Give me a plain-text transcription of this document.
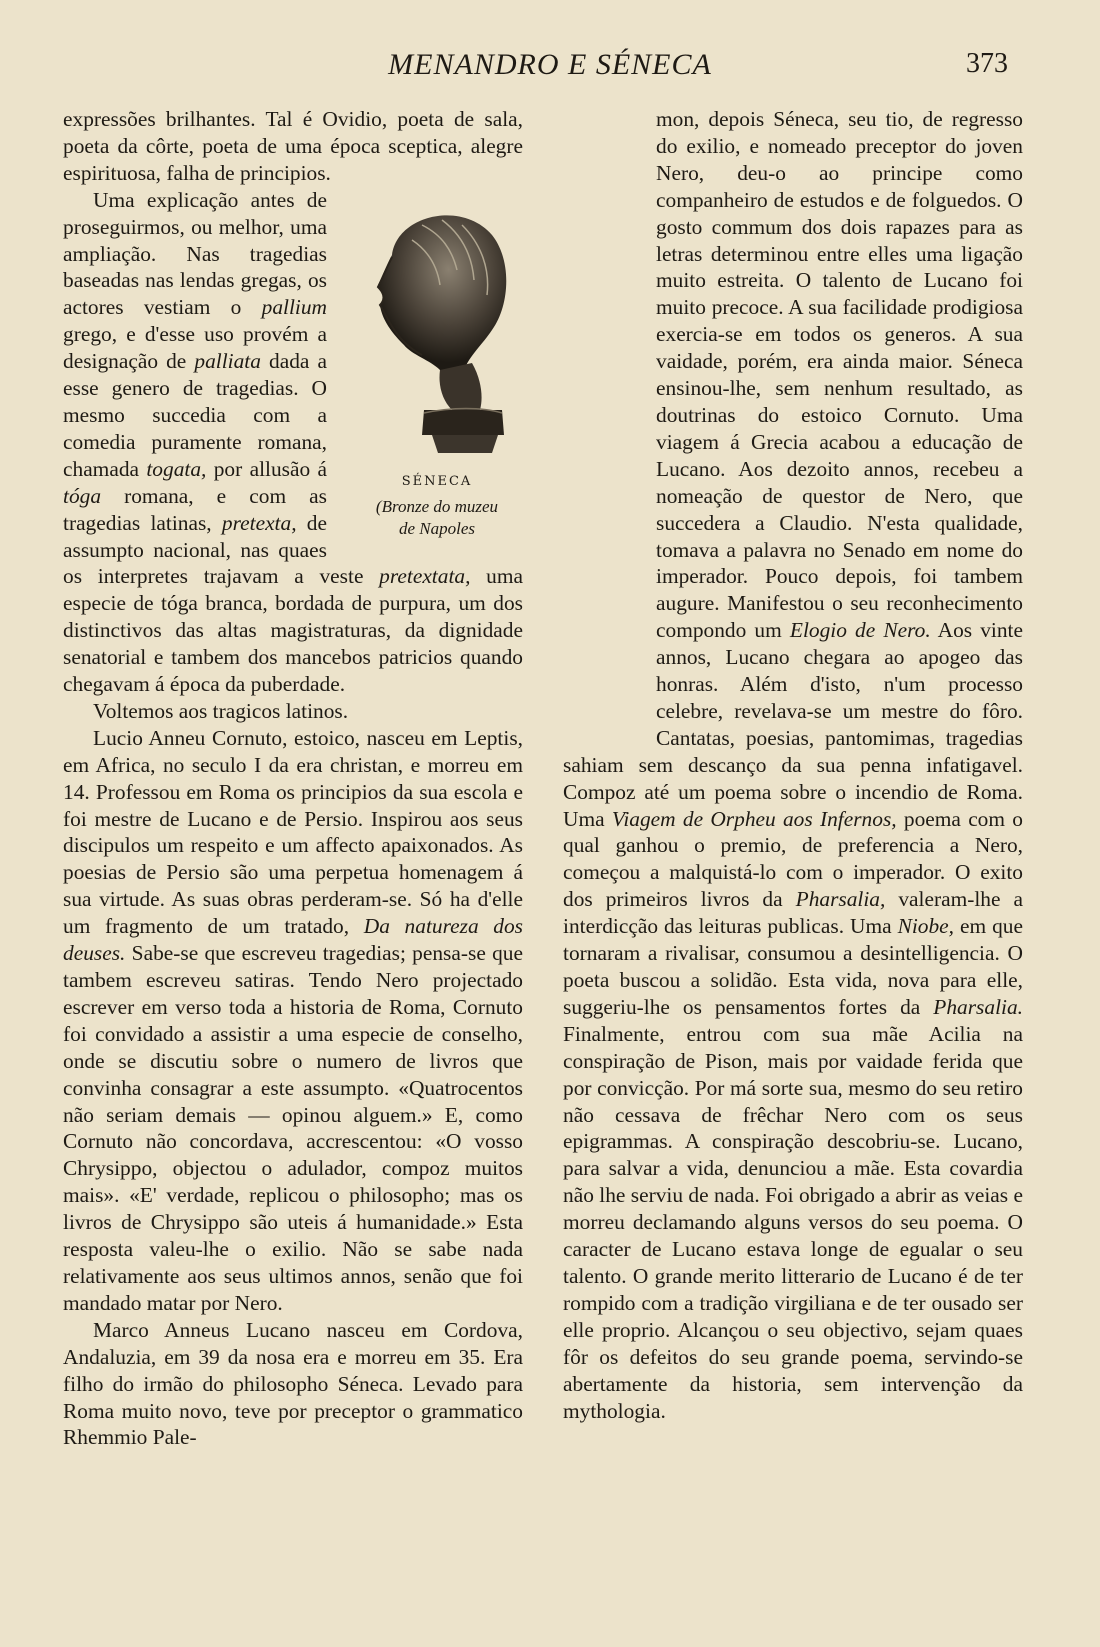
MENANDRO E SÉNECA	373

expressões brilhantes. Tal é Ovidio, poeta de sala, poeta da côrte, poeta de uma época sceptica, alegre espirituosa, falha de principios.

SÉNECA
(Bronze do muzeu
de Napoles

Uma explicação antes de proseguirmos, ou melhor, uma ampliação. Nas tragedias baseadas nas lendas gregas, os actores vestiam o pallium grego, e d'esse uso provém a designação de palliata dada a esse genero de tragedias. O mesmo succedia com a comedia puramente romana, chamada togata, por allusão á tóga romana, e com as tragedias latinas, pretexta, de assumpto nacional, nas quaes os interpretes trajavam a veste pretextata, uma especie de tóga branca, bordada de purpura, um dos distinctivos das altas magistraturas, da dignidade senatorial e tambem dos mancebos patricios quando chegavam á época da puberdade.

Voltemos aos tragicos latinos.

Lucio Anneu Cornuto, estoico, nasceu em Leptis, em Africa, no seculo I da era christan, e morreu em 14. Professou em Roma os principios da sua escola e foi mestre de Lucano e de Persio. Inspirou aos seus discipulos um respeito e um affecto apaixonados. As poesias de Persio são uma perpetua homenagem á sua virtude. As suas obras perderam-se. Só ha d'elle um fragmento de um tratado, Da natureza dos deuses. Sabe-se que escreveu tragedias; pensa-se que tambem escreveu satiras. Tendo Nero projectado escrever em verso toda a historia de Roma, Cornuto foi convidado a assistir a uma especie de conselho, onde se discutiu sobre o numero de livros que convinha consagrar a este assumpto. «Quatrocentos não seriam demais — opinou alguem.» E, como Cornuto não concordava, accrescentou: «O vosso Chrysippo, objectou o adulador, compoz muitos mais». «E' verdade, replicou o philosopho; mas os livros de Chrysippo são uteis á humanidade.» Esta resposta valeu-lhe o exilio. Não se sabe nada relativamente aos seus ultimos annos, senão que foi mandado matar por Nero.

Marco Anneus Lucano nasceu em Cordova, Andaluzia, em 39 da nosa era e morreu em 35. Era filho do irmão do philosopho Séneca. Levado para Roma muito novo, teve por preceptor o grammatico Rhemmio Pale-

mon, depois Séneca, seu tio, de regresso do exilio, e nomeado preceptor do joven Nero, deu-o ao principe como companheiro de estudos e de folguedos. O gosto commum dos dois rapazes para as letras determinou entre elles uma ligação muito estreita. O talento de Lucano foi muito precoce. A sua facilidade prodigiosa exercia-se em todos os generos. A sua vaidade, porém, era ainda maior. Séneca ensinou-lhe, sem nenhum resultado, as doutrinas do estoico Cornuto. Uma viagem á Grecia acabou a educação de Lucano. Aos dezoito annos, recebeu a nomeação de questor de Nero, que succedera a Claudio. N'esta qualidade, tomava a palavra no Senado em nome do imperador. Pouco depois, foi tambem augure. Manifestou o seu reconhecimento compondo um Elogio de Nero. Aos vinte annos, Lucano chegara ao apogeo das honras. Além d'isto, n'um processo celebre, revelava-se um mestre do fôro. Cantatas, poesias, pantomimas, tragedias sahiam sem descanço da sua penna infatigavel. Compoz até um poema sobre o incendio de Roma. Uma Viagem de Orpheu aos Infernos, poema com o qual ganhou o premio, de preferencia a Nero, começou a malquistá-lo com o imperador. O exito dos primeiros livros da Pharsalia, valeram-lhe a interdicção das leituras publicas. Uma Niobe, em que tornaram a rivalisar, consumou a desintelligencia. O poeta buscou a solidão. Esta vida, nova para elle, suggeriu-lhe os pensamentos fortes da Pharsalia. Finalmente, entrou com sua mãe Acilia na conspiração de Pison, mais por vaidade ferida que por convicção. Por má sorte sua, mesmo do seu retiro não cessava de frêchar Nero com os seus epigrammas. A conspiração descobriu-se. Lucano, para salvar a vida, denunciou a mãe. Esta covardia não lhe serviu de nada. Foi obrigado a abrir as veias e morreu declamando alguns versos do seu poema. O caracter de Lucano estava longe de egualar o seu talento. O grande merito litterario de Lucano é de ter rompido com a tradição virgiliana e de ter ousado ser elle proprio. Alcançou o seu objectivo, sejam quaes fôr os defeitos do seu grande poema, servindo-se abertamente da historia, sem intervenção da mythologia.
